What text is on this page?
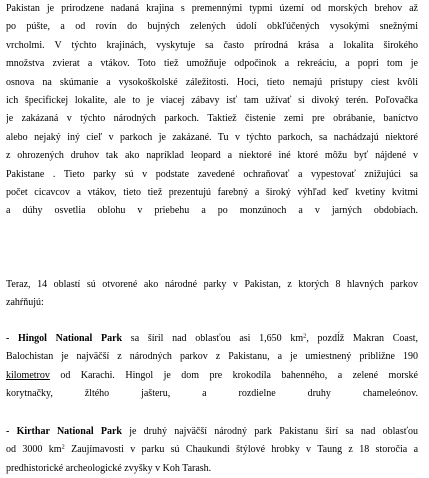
Pakistan je prirodzene nadaná krajina s premennými typmi území od morských brehov až
po púšte, a od rovín do bujných zelených údolí obkľúčených vysokými snežnými
vrcholmi. V týchto krajinách, vyskytuje sa často prírodná krása a lokalita širokého
množstva zvierat a vtákov. Toto tiež umožňuje odpočinok a rekreáciu, a popri tom je
osnova na skúmanie a vysokoškolské záležitosti. Hoci, tieto nemajú prístupy ciest kvôli
ich špecifickej lokalite, ale to je viacej zábavy isť tam užívať si divoký terén. Poľovačka
je zakázaná v týchto národných parkoch. Taktiež čistenie zemi pre obrábanie, baníctvo
alebo nejaký iný cieľ v parkoch je zakázané. Tu v týchto parkoch, sa nachádzajú niektoré
z ohrozených druhov tak ako napríklad leopard a niektoré iné ktoré môžu byť nájdené v
Pakistane . Tieto parky sú v podstate zavedené ochraňovať a vypestovať znižujúci sa
počet cicavcov a vtákov, tieto tiež prezentujú farebný a široký výhľad keď kvetiny kvitmi
a dúhy osvetlia oblohu v priebehu a po monzúnoch a v jarných obdobiach.

Teraz, 14 oblastí sú otvorené ako národné parky v Pakistan, z ktorých 8 hlavných parkov
zahŕňujú:

- Hingol National Park sa šíril nad oblasťou asi 1,650 $km^2$, pozdĺž Makran Coast,
Balochistan je najväčší z národných parkov z Pakistanu, a je umiestnený približne 190
kilometrov od Karachi. Hingol je dom pre krokodíla bahenného, a zelené morské
korytnačky, žltého jašteru, a rozdielne druhy chameleónov.

- Kirthar National Park je druhý najväčší národný park Pakistanu širí sa nad oblasťou
od 3000 $km^2$ Zaujímavosti v parku sú Chaukundi štýlové hrobky v Taung z 18 storočia a
predhistorické archeologické zvyšky v Koh Tarash.
